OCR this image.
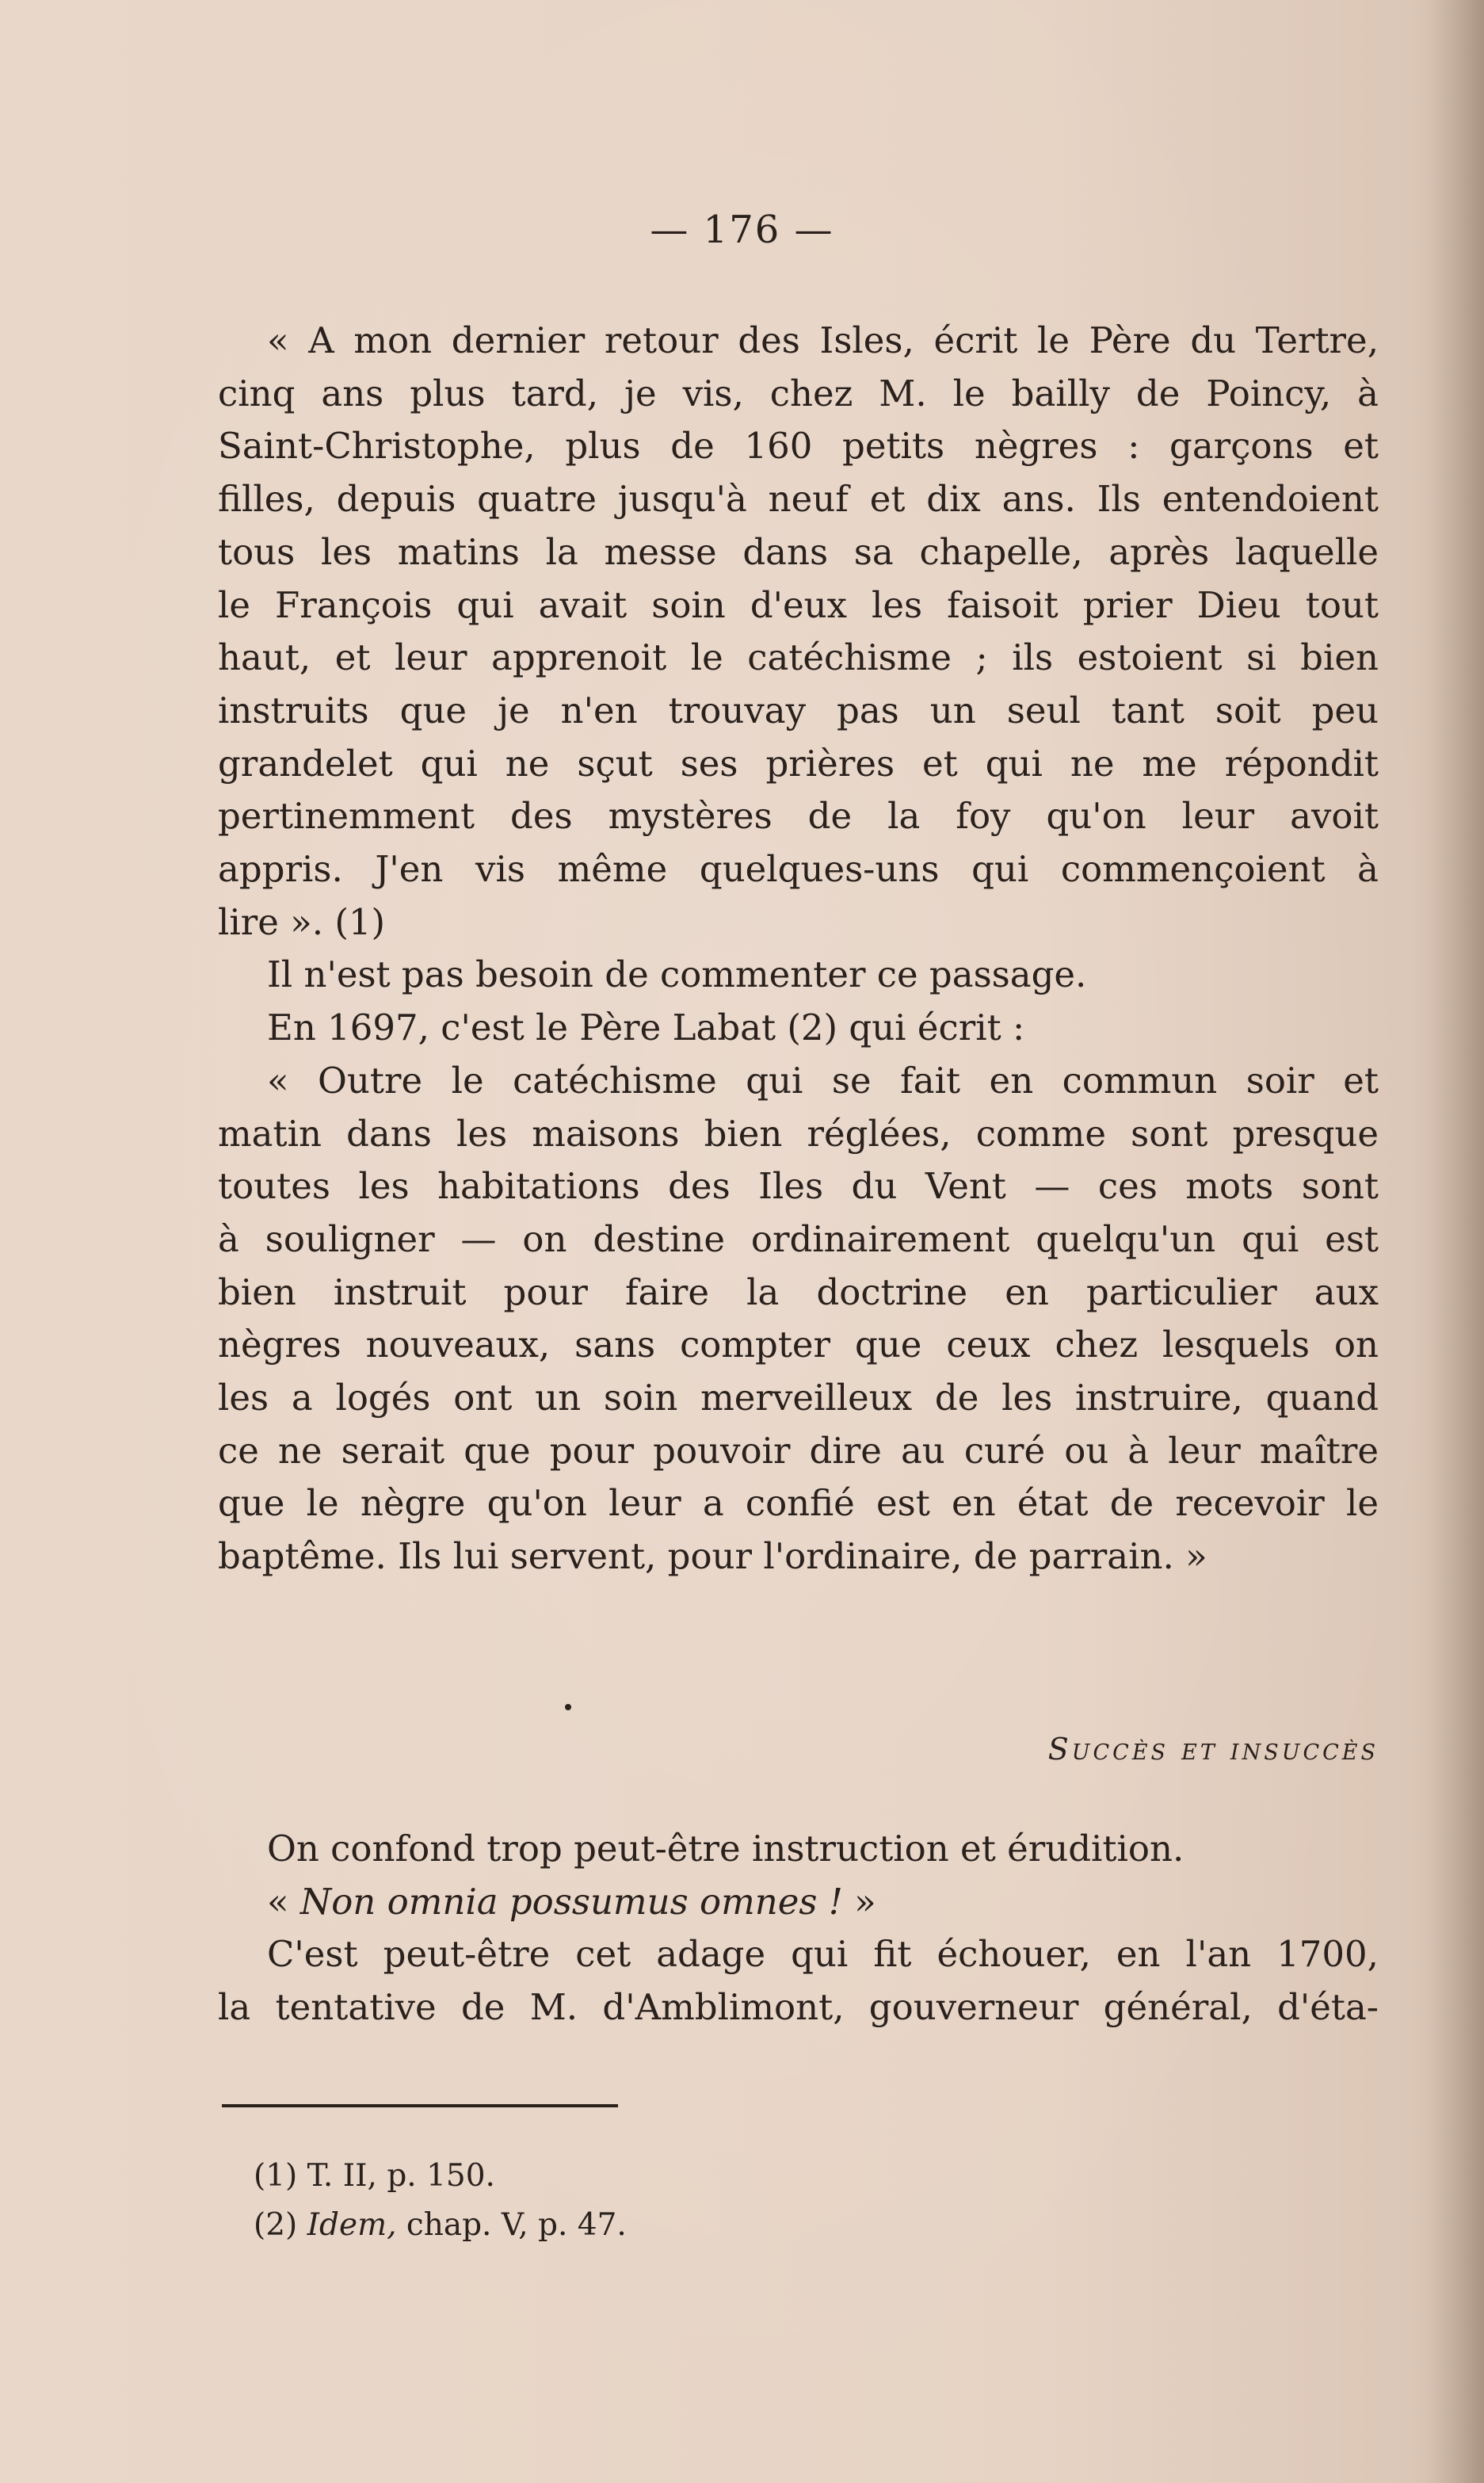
— 176 —
« A mon dernier retour des Isles, écrit le Père du Tertre,
cinq ans plus tard, je vis, chez M. le bailly de Poincy, à
Saint-Christophe, plus de 160 petits nègres : garçons et
filles, depuis quatre jusqu'à neuf et dix ans. Ils entendoient
tous les matins la messe dans sa chapelle, après laquelle
le François qui avait soin d'eux les faisoit prier Dieu tout
haut, et leur apprenoit le catéchisme ; ils estoient si bien
instruits que je n'en trouvay pas un seul tant soit peu
grandelet qui ne sçut ses prières et qui ne me répondit
pertinemment des mystères de la foy qu'on leur avoit
appris. J'en vis même quelques-uns qui commençoient à
lire ». (1)
Il n'est pas besoin de commenter ce passage.
En 1697, c'est le Père Labat (2) qui écrit :
« Outre le catéchisme qui se fait en commun soir et
matin dans les maisons bien réglées, comme sont presque
toutes les habitations des Iles du Vent — ces mots sont
à souligner — on destine ordinairement quelqu'un qui est
bien instruit pour faire la doctrine en particulier aux
nègres nouveaux, sans compter que ceux chez lesquels on
les a logés ont un soin merveilleux de les instruire, quand
ce ne serait que pour pouvoir dire au curé ou à leur maître
que le nègre qu'on leur a confié est en état de recevoir le
baptême. Ils lui servent, pour l'ordinaire, de parrain. »
Succès et insuccès
On confond trop peut-être instruction et érudition.
« Non omnia possumus omnes ! »
C'est peut-être cet adage qui fit échouer, en l'an 1700,
la tentative de M. d'Amblimont, gouverneur général, d'éta-
(1) T. II, p. 150.
(2) Idem, chap. V, p. 47.
